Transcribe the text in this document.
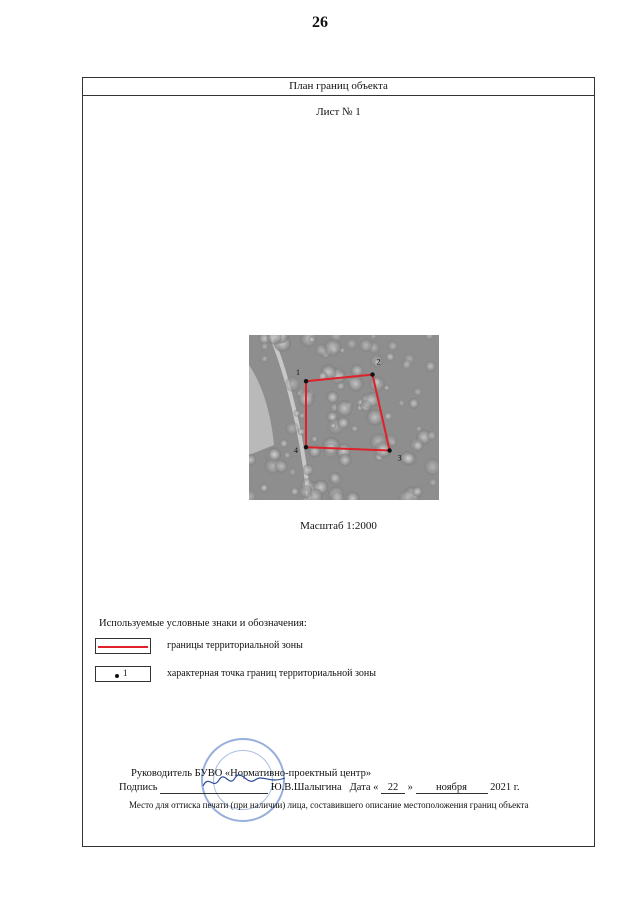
26
План границ объекта
Лист № 1
1
2
3
4
Масштаб 1:2000
Используемые условные знаки и обозначения:
границы территориальной зоны
1	характерная точка границ территориальной зоны
Руководитель БУВО «Нормативно-проектный центр»
Подпись	Ю.В.Шалыгина Дата « 22 » ноября 2021 г.
Место для оттиска печати (при наличии) лица, составившего описание местоположения границ объекта
